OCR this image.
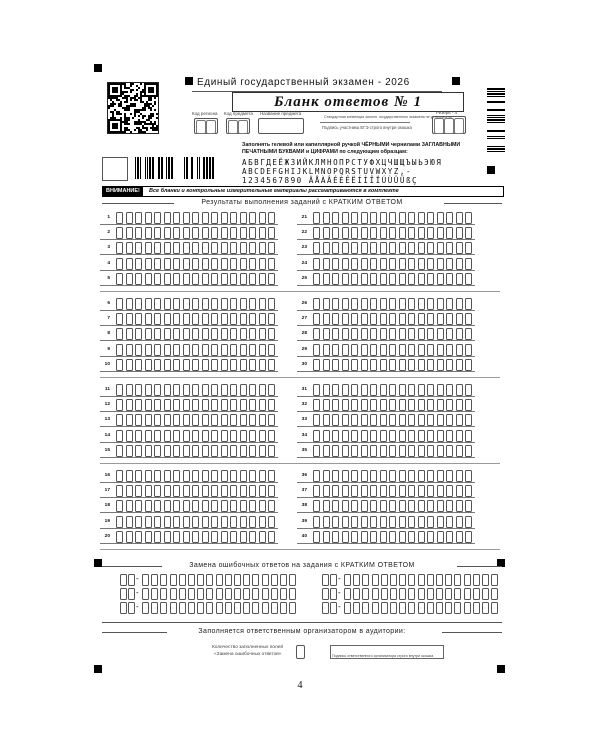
Единый государственный экзамен - 2026
Бланк ответов № 1
Код региона Код предмета Название предмета
Стандартная конвенция заполн. государственного экзамена не установлена
Подпись участника ЕГЭ строго внутри окошка
Резерв - 4
Заполнять гелевой или капиллярной ручкой ЧЁРНЫМИ чернилами ЗАГЛАВНЫМИ ПЕЧАТНЫМИ БУКВАМИ и ЦИФРАМИ по следующим образцам:
АБВГДЕЁЖЗИЙКЛМНОПРСТУФХЦЧШЩЪЫЬЭЮЯ
ABCDEFGHIJKLMNOPQRSTUVWXYZ,-
1234567890 ÄÅÀÂÉÈÊËÍÌÎÏÚÙÛÜßÇ
ВНИМАНИЕ!	Все бланки и контрольные измерительные материалы рассматриваются в комплекте
Результаты выполнения заданий с КРАТКИМ ОТВЕТОМ
1	21
2	22
3	23
4	24
5	25
6	26
7	27
8	28
9	29
10	30
11	31
12	32
13	33
14	34
15	35
16	36
17	37
18	38
19	39
20	40
Замена ошибочных ответов на задания с КРАТКИМ ОТВЕТОМ
-	-
-	-
-	-
Заполняется ответственным организатором в аудитории:
Количество заполненных полей
«Замена ошибочных ответов»	Подпись ответственного организатора строго внутри окошка
4
